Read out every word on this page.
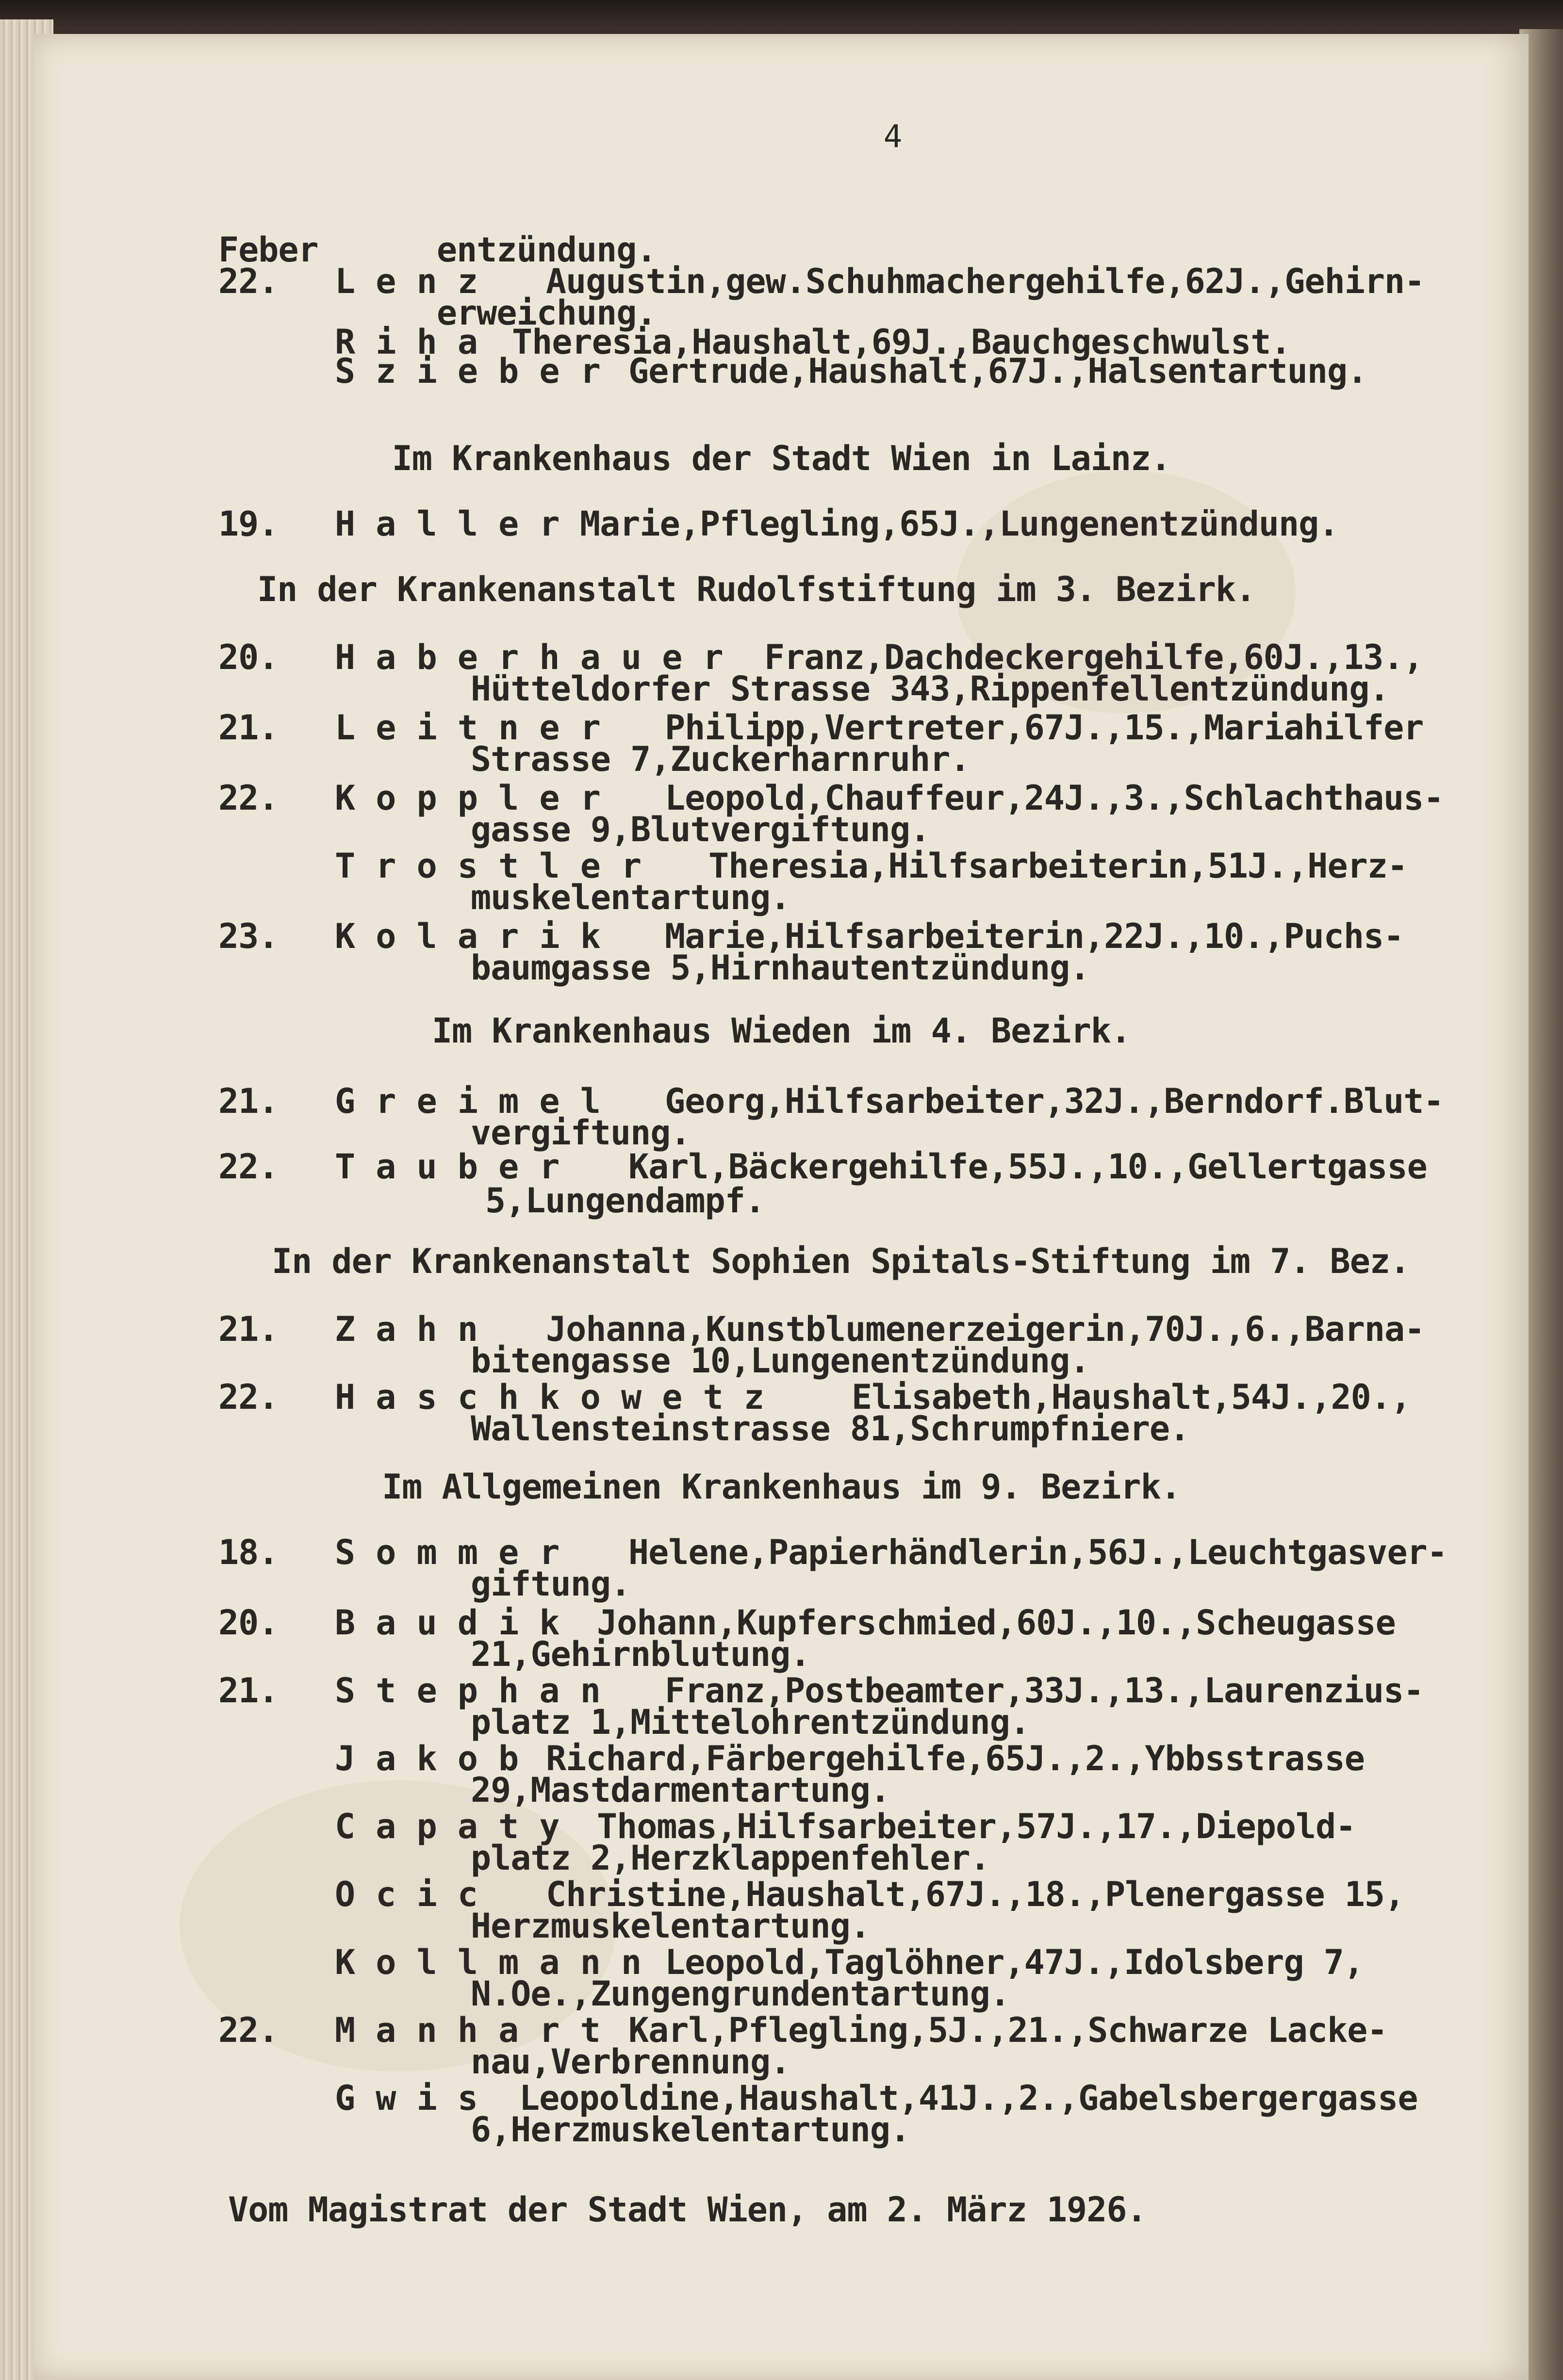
4
Feber	entzündung.
22. L e n z Augustin,gew.Schuhmachergehilfe,62J.,Gehirn-
erweichung.
R i h a Theresia,Haushalt,69J.,Bauchgeschwulst.
S z i e b e r Gertrude,Haushalt,67J.,Halsentartung.
Im Krankenhaus der Stadt Wien in Lainz.
19. H a l l e r Marie,Pflegling,65J.,Lungenentzündung.
In der Krankenanstalt Rudolfstiftung im 3. Bezirk.
20. H a b e r h a u e r Franz,Dachdeckergehilfe,60J.,13.,
Hütteldorfer Strasse 343,Rippenfellentzündung.
21. L e i t n e r Philipp,Vertreter,67J.,15.,Mariahilfer
Strasse 7,Zuckerharnruhr.
22. K o p p l e r Leopold,Chauffeur,24J.,3.,Schlachthaus-
gasse 9,Blutvergiftung.
T r o s t l e r Theresia,Hilfsarbeiterin,51J.,Herz-
muskelentartung.
23. K o l a r i k Marie,Hilfsarbeiterin,22J.,10.,Puchs-
baumgasse 5,Hirnhautentzündung.
Im Krankenhaus Wieden im 4. Bezirk.
21. G r e i m e l Georg,Hilfsarbeiter,32J.,Berndorf.Blut-
vergiftung.
22. T a u b e r Karl,Bäckergehilfe,55J.,10.,Gellertgasse
5,Lungendampf.
In der Krankenanstalt Sophien Spitals-Stiftung im 7. Bez.
21. Z a h n Johanna,Kunstblumenerzeigerin,70J.,6.,Barna-
bitengasse 10,Lungenentzündung.
22. H a s c h k o w e t z	Elisabeth,Haushalt,54J.,20.,
Wallensteinstrasse 81,Schrumpfniere.
Im Allgemeinen Krankenhaus im 9. Bezirk.
18. S o m m e r Helene,Papierhändlerin,56J.,Leuchtgasver-
giftung.
20. B a u d i k Johann,Kupferschmied,60J.,10.,Scheugasse
21,Gehirnblutung.
21. S t e p h a n Franz,Postbeamter,33J.,13.,Laurenzius-
platz 1,Mittelohrentzündung.
J a k o b Richard,Färbergehilfe,65J.,2.,Ybbsstrasse
29,Mastdarmentartung.
C a p a t y Thomas,Hilfsarbeiter,57J.,17.,Diepold-
platz 2,Herzklappenfehler.
O c i c Christine,Haushalt,67J.,18.,Plenergasse 15,
Herzmuskelentartung.
K o l l m a n n Leopold,Taglöhner,47J.,Idolsberg 7,
N.Oe.,Zungengrundentartung.
22. M a n h a r t Karl,Pflegling,5J.,21.,Schwarze Lacke-
nau,Verbrennung.
G w i s Leopoldine,Haushalt,41J.,2.,Gabelsbergergasse
6,Herzmuskelentartung.
Vom Magistrat der Stadt Wien, am 2. März 1926.
